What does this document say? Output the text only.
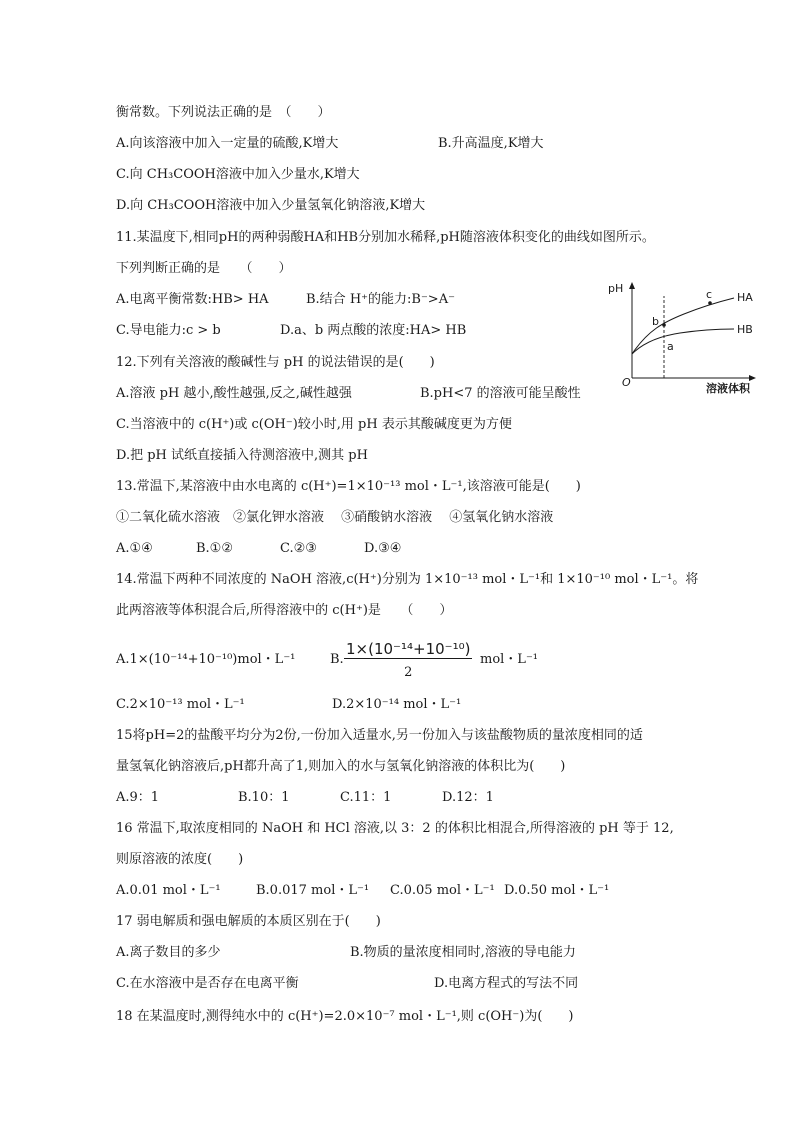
衡常数。下列说法正确的是　（　　）
A.向该溶液中加入一定量的硫酸,K增大	B.升高温度,K增大
C.向 CH₃COOH溶液中加入少量水,K增大
D.向 CH₃COOH溶液中加入少量氢氧化钠溶液,K增大
11.某温度下,相同pH的两种弱酸HA和HB分别加水稀释,pH随溶液体积变化的曲线如图所示。
下列判断正确的是　　（　　）
A.电离平衡常数:HB> HA	B.结合 H⁺的能力:B⁻>A⁻
C.导电能力:c > b	D.a、b 两点酸的浓度:HA> HB
pH
溶液体积
O
a
b
c HA
HB
12.下列有关溶液的酸碱性与 pH 的说法错误的是(　　)
A.溶液 pH 越小,酸性越强,反之,碱性越强	B.pH<7 的溶液可能呈酸性
C.当溶液中的 c(H⁺)或 c(OH⁻)较小时,用 pH 表示其酸碱度更为方便
D.把 pH 试纸直接插入待测溶液中,测其 pH
13.常温下,某溶液中由水电离的 c(H⁺)=1×10⁻¹³ mol・L⁻¹,该溶液可能是(　　)
①二氧化硫水溶液　②氯化钾水溶液　 ③硝酸钠水溶液　 ④氢氧化钠水溶液
A.①④	B.①②	C.②③	D.③④
14.常温下两种不同浓度的 NaOH 溶液,c(H⁺)分别为 1×10⁻¹³ mol・L⁻¹和 1×10⁻¹⁰ mol・L⁻¹。将
此两溶液等体积混合后,所得溶液中的 c(H⁺)是　　（　　）
A.1×(10⁻¹⁴+10⁻¹⁰)mol・L⁻¹	B. $\frac{\text{1×(10⁻¹⁴+10⁻¹⁰)}}{2}$ mol・L⁻¹
C.2×10⁻¹³ mol・L⁻¹	D.2×10⁻¹⁴ mol・L⁻¹
15将pH=2的盐酸平均分为2份,一份加入适量水,另一份加入与该盐酸物质的量浓度相同的适
量氢氧化钠溶液后,pH都升高了1,则加入的水与氢氧化钠溶液的体积比为(　　)
A.9：1	B.10：1	C.11：1	D.12：1
16 常温下,取浓度相同的 NaOH 和 HCl 溶液,以 3：2 的体积比相混合,所得溶液的 pH 等于 12,
则原溶液的浓度(　　)
A.0.01 mol・L⁻¹	B.0.017 mol・L⁻¹ C.0.05 mol・L⁻¹ D.0.50 mol・L⁻¹
17 弱电解质和强电解质的本质区别在于(　　)
A.离子数目的多少	B.物质的量浓度相同时,溶液的导电能力
C.在水溶液中是否存在电离平衡	D.电离方程式的写法不同
18 在某温度时,测得纯水中的 c(H⁺)=2.0×10⁻⁷ mol・L⁻¹,则 c(OH⁻)为(　　)
